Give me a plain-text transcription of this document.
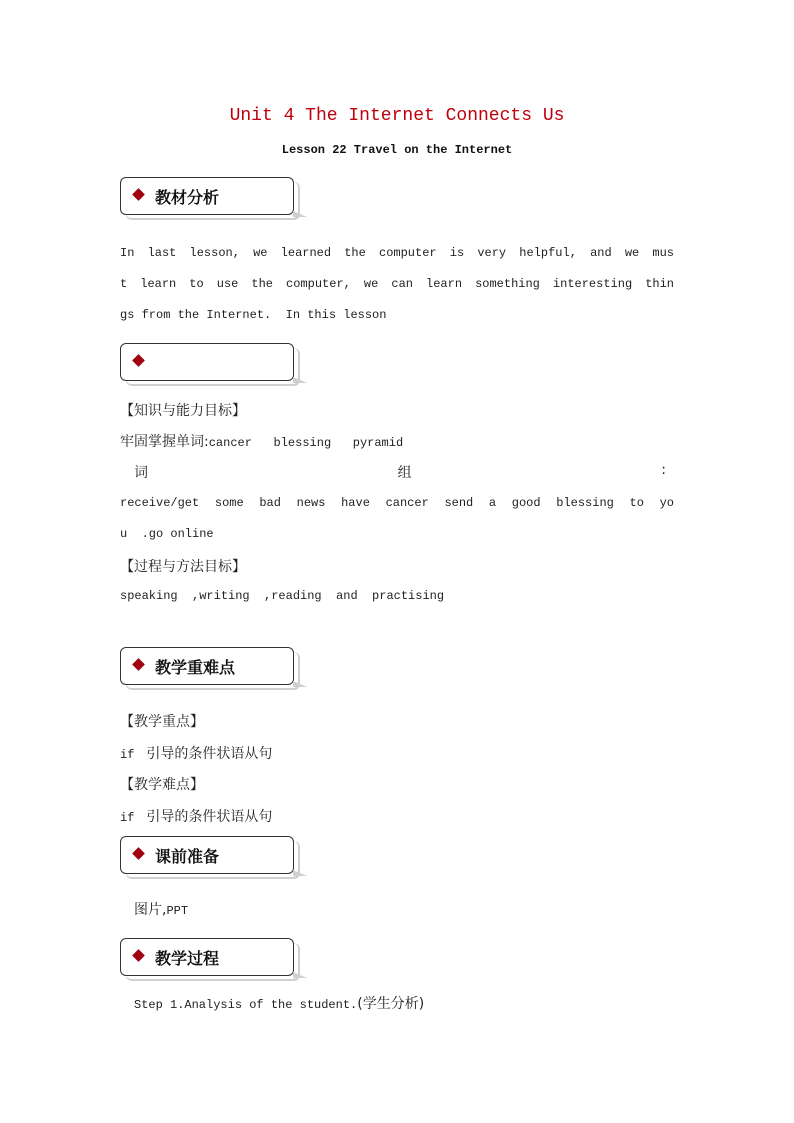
Unit 4 The Internet Connects Us
Lesson 22 Travel on the Internet
教材分析
In last lesson, we learned the computer is very helpful, and we mus
t learn to use the computer, we can learn something interesting thin
gs from the Internet.  In this lesson
【知识与能力目标】
牢固掌握单词:cancer   blessing   pyramid
词	组	:
receive/get some bad news have cancer send a good blessing to yo
u  .go online
【过程与方法目标】
speaking  ,writing  ,reading  and  practising
教学重难点
【教学重点】
if 引导的条件状语从句
【教学难点】
if 引导的条件状语从句
课前准备
图片,PPT
教学过程
Step 1.Analysis of the student.(学生分析)
